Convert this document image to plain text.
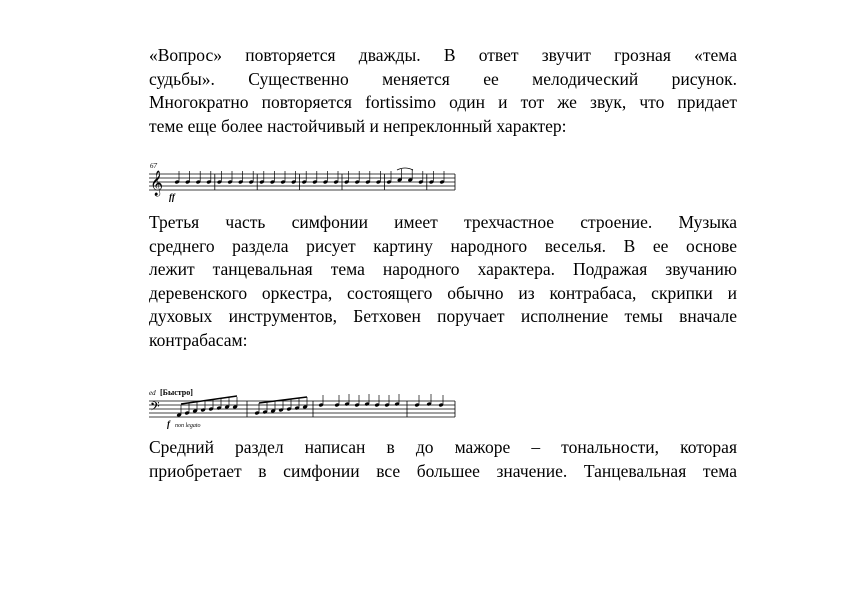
«Вопрос» повторяется дважды. В ответ звучит грозная «тема
судьбы». Существенно меняется ее мелодический рисунок.
Многократно повторяется fortissimo один и тот же звук, что придает
теме еще более настойчивый и непреклонный характер:

67
𝄞
ff

Третья часть симфонии имеет трехчастное строение. Музыка
среднего раздела рисует картину народного веселья. В ее основе
лежит танцевальная тема народного характера. Подражая звучанию
деревенского оркестра, состоящего обычно из контрабаса, скрипки и
духовых инструментов, Бетховен поручает исполнение темы вначале
контрабасам:

ed [Быстро]
𝄢
f non legato

Средний раздел написан в до мажоре – тональности, которая
приобретает в симфонии все большее значение. Танцевальная тема
